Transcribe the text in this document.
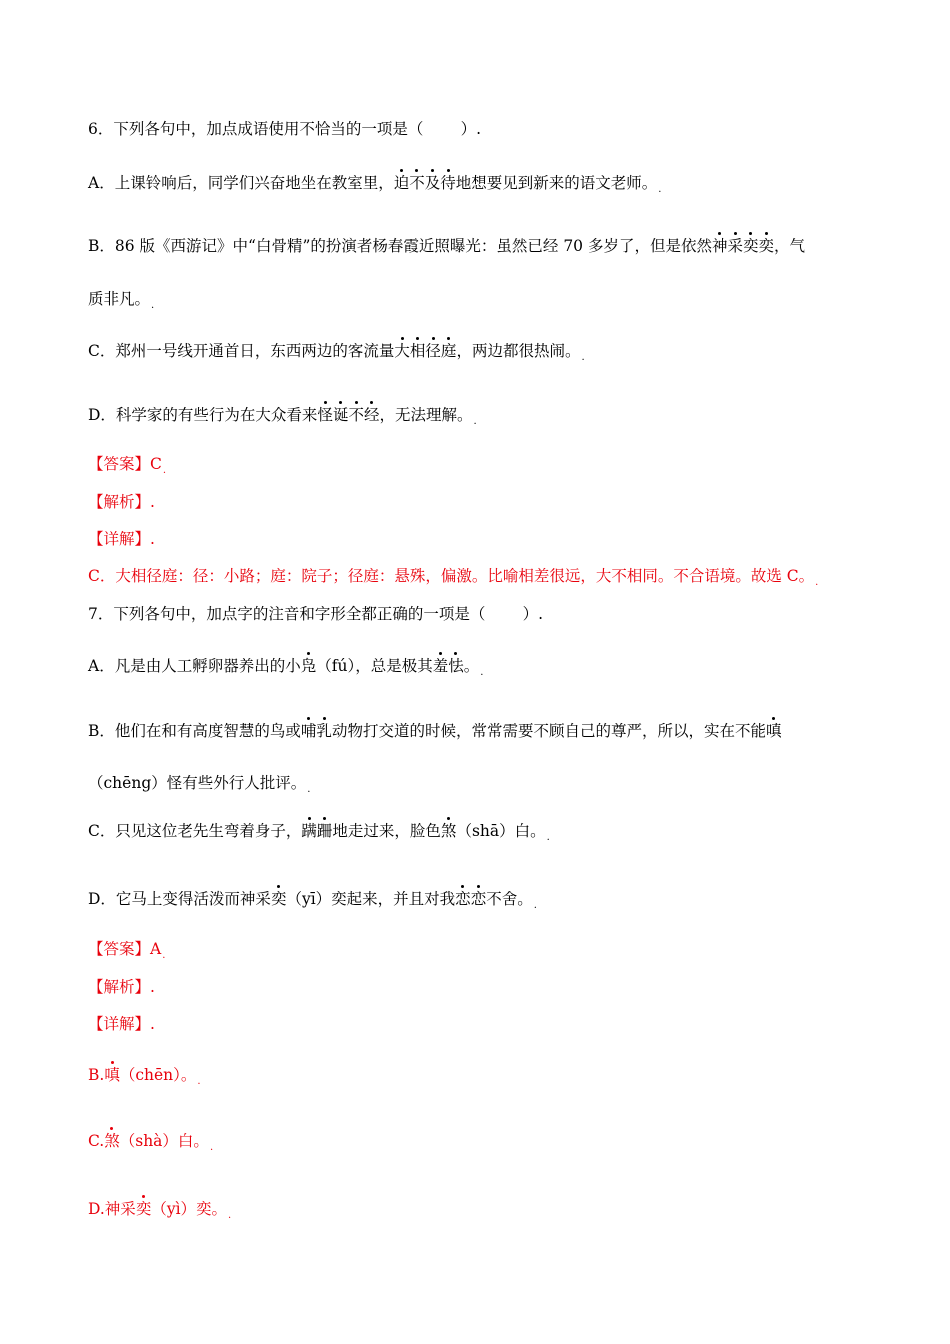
6．下列各句中，加点成语使用不恰当的一项是（ ）.
A．上课铃响后，同学们兴奋地坐在教室里，迫不及待地想要见到新来的语文老师。$_.$
B．86 版《西游记》中“白骨精”的扮演者杨春霞近照曝光：虽然已经 70 多岁了，但是依然神采奕奕，气
质非凡。$_.$
C．郑州一号线开通首日，东西两边的客流量大相径庭，两边都很热闹。$_.$
D．科学家的有些行为在大众看来怪诞不经，无法理解。$_.$
【答案】$C_.$
【解析】.
【详解】.
C．大相径庭：径：小路；庭：院子；径庭：悬殊，偏激。比喻相差很远，大不相同。不合语境。故选 C。$_.$
7．下列各句中，加点字的注音和字形全都正确的一项是（ ）.
A．凡是由人工孵卵器养出的小凫（fú），总是极其羞怯。$_.$
B．他们在和有高度智慧的鸟或哺乳动物打交道的时候，常常需要不顾自己的尊严，所以，实在不能嗔
（chēng）怪有些外行人批评。$_.$
C．只见这位老先生弯着身子，蹒跚地走过来，脸色煞（shā）白。$_.$
D．它马上变得活泼而神采奕（yī）奕起来，并且对我恋恋不舍。$_.$
【答案】$A_.$
【解析】.
【详解】.
B.嗔（chēn）。$_.$
C.煞（shà）白。$_.$
D.神采奕（yì）奕。$_.$
